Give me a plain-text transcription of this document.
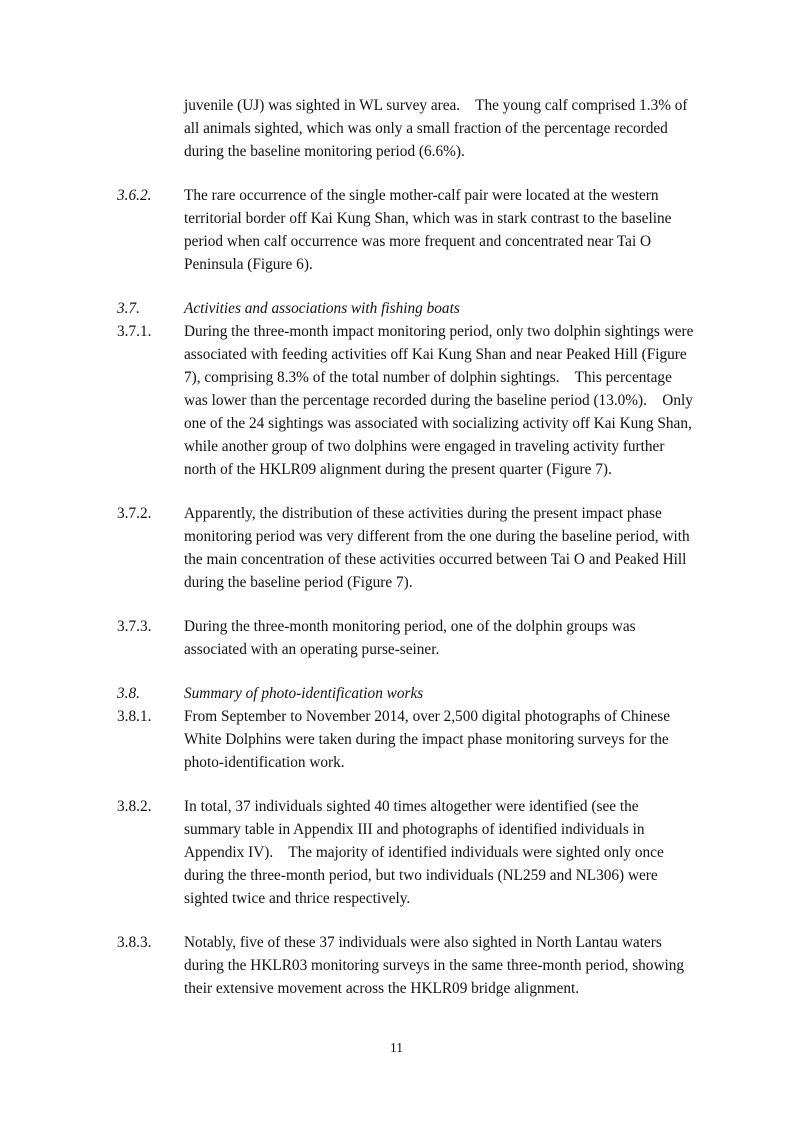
juvenile (UJ) was sighted in WL survey area.    The young calf comprised 1.3% of all animals sighted, which was only a small fraction of the percentage recorded during the baseline monitoring period (6.6%).
3.6.2.	The rare occurrence of the single mother-calf pair were located at the western territorial border off Kai Kung Shan, which was in stark contrast to the baseline period when calf occurrence was more frequent and concentrated near Tai O Peninsula (Figure 6).
3.7.	Activities and associations with fishing boats
3.7.1.	During the three-month impact monitoring period, only two dolphin sightings were associated with feeding activities off Kai Kung Shan and near Peaked Hill (Figure 7), comprising 8.3% of the total number of dolphin sightings.    This percentage was lower than the percentage recorded during the baseline period (13.0%).    Only one of the 24 sightings was associated with socializing activity off Kai Kung Shan, while another group of two dolphins were engaged in traveling activity further north of the HKLR09 alignment during the present quarter (Figure 7).
3.7.2.	Apparently, the distribution of these activities during the present impact phase monitoring period was very different from the one during the baseline period, with the main concentration of these activities occurred between Tai O and Peaked Hill during the baseline period (Figure 7).
3.7.3.	During the three-month monitoring period, one of the dolphin groups was associated with an operating purse-seiner.
3.8.	Summary of photo-identification works
3.8.1.	From September to November 2014, over 2,500 digital photographs of Chinese White Dolphins were taken during the impact phase monitoring surveys for the photo-identification work.
3.8.2.	In total, 37 individuals sighted 40 times altogether were identified (see the summary table in Appendix III and photographs of identified individuals in Appendix IV).    The majority of identified individuals were sighted only once during the three-month period, but two individuals (NL259 and NL306) were sighted twice and thrice respectively.
3.8.3.	Notably, five of these 37 individuals were also sighted in North Lantau waters during the HKLR03 monitoring surveys in the same three-month period, showing their extensive movement across the HKLR09 bridge alignment.
11
